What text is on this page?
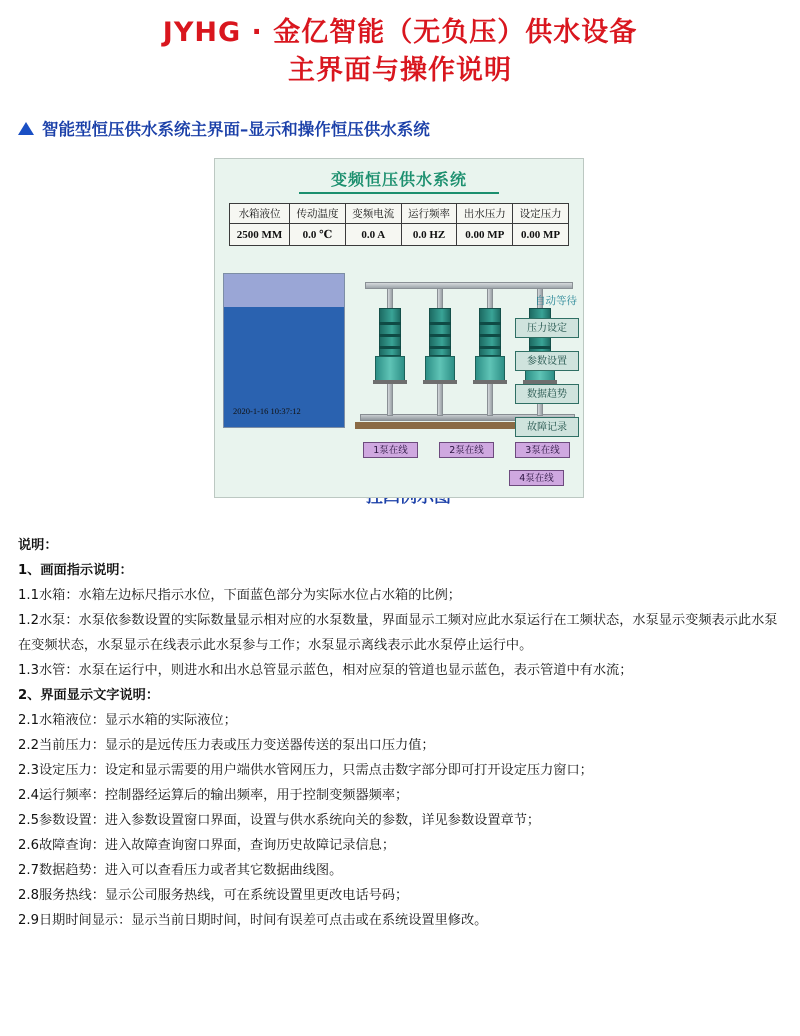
JYHG · 金亿智能（无负压）供水设备
主界面与操作说明
智能型恒压供水系统主界面–显示和操作恒压供水系统
变频恒压供水系统
水箱液位	传动温度	变频电流	运行频率	出水压力	设定压力
2500 MM	0.0 ℃	0.0 A	0.0 HZ	0.00 MP	0.00 MP
2020-1-16 10:37:12
自动等待
压力设定
参数设置
数据趋势
故障记录
1泵在线	2泵在线	3泵在线
4泵在线

说明：

1、画面指示说明：

1.1水箱：水箱左边标尺指示水位，下面蓝色部分为实际水位占水箱的比例；

1.2水泵：水泵依参数设置的实际数量显示相对应的水泵数量，界面显示工频对应此水泵运行在工频状态，水泵显示变频表示此水泵在变频状态，水泵显示在线表示此水泵参与工作；水泵显示离线表示此水泵停止运行中。

1.3水管：水泵在运行中，则进水和出水总管显示蓝色，相对应泵的管道也显示蓝色，表示管道中有水流；

2、界面显示文字说明：

2.1水箱液位：显示水箱的实际液位；

2.2当前压力：显示的是远传压力表或压力变送器传送的泵出口压力值；

2.3设定压力：设定和显示需要的用户端供水管网压力，只需点击数字部分即可打开设定压力窗口；

2.4运行频率：控制器经运算后的输出频率，用于控制变频器频率；

2.5参数设置：进入参数设置窗口界面，设置与供水系统向关的参数，详见参数设置章节；

2.6故障查询：进入故障查询窗口界面，查询历史故障记录信息；

2.7数据趋势：进入可以查看压力或者其它数据曲线图。

2.8服务热线：显示公司服务热线，可在系统设置里更改电话号码；

2.9日期时间显示：显示当前日期时间，时间有误差可点击或在系统设置里修改。
